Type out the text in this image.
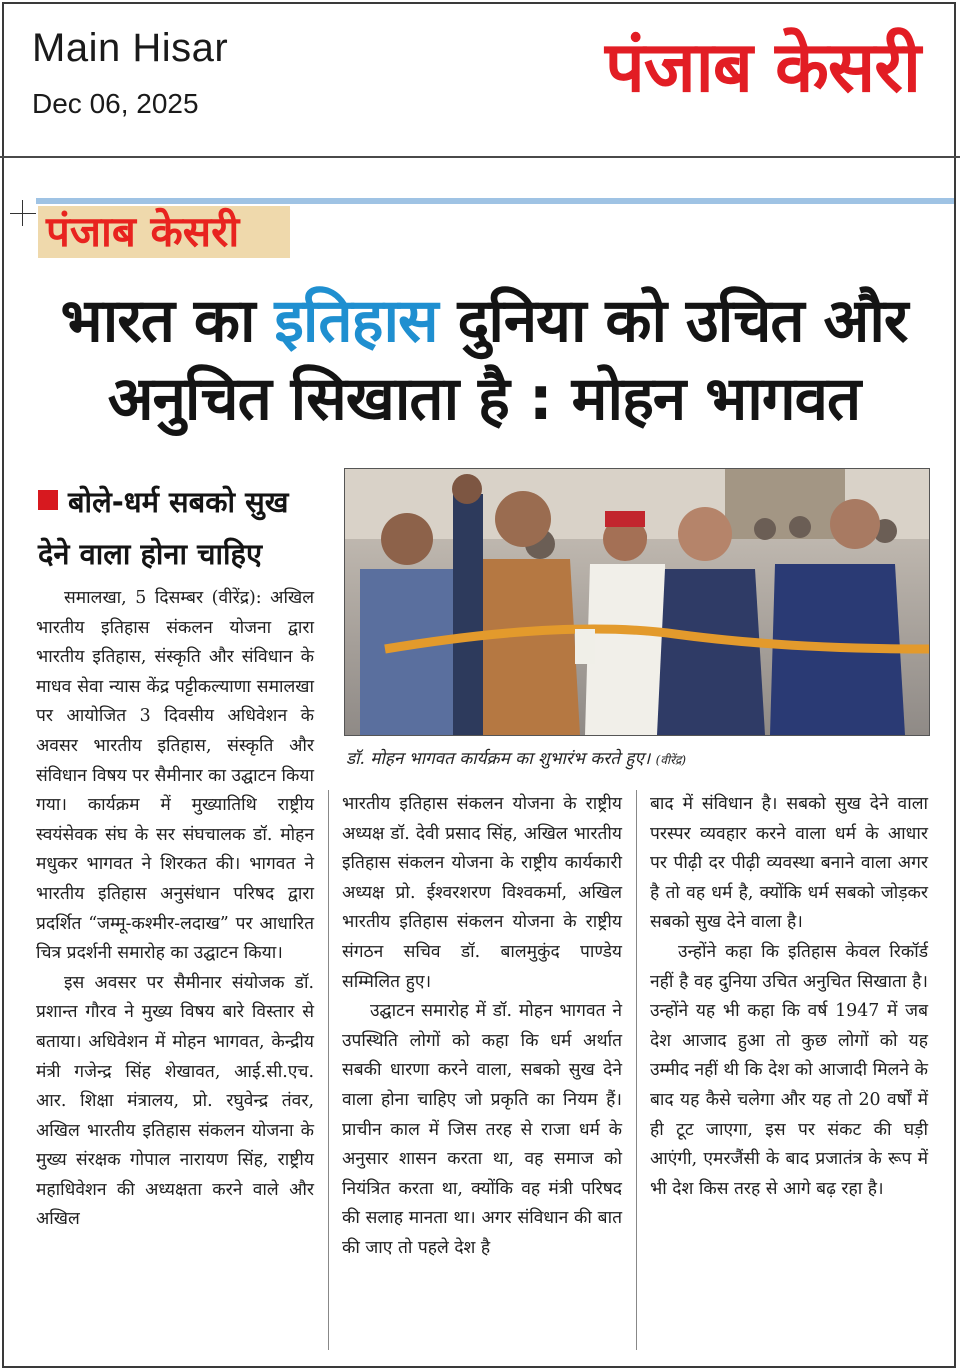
Main Hisar
Dec 06, 2025	पंजाब केसरी
पंजाब केसरी
भारत का इतिहास दुनिया को उचित और अनुचित सिखाता है : मोहन भागवत
बोले-धर्म सबको सुख देने वाला होना चाहिए
डॉ. मोहन भागवत कार्यक्रम का शुभारंभ करते हुए। (वीरेंद्र)

समालखा, 5 दिसम्बर (वीरेंद्र): अखिल भारतीय इतिहास संकलन योजना द्वारा भारतीय इतिहास, संस्कृति और संविधान के माधव सेवा न्यास केंद्र पट्टीकल्याणा समालखा पर आयोजित 3 दिवसीय अधिवेशन के अवसर भारतीय इतिहास, संस्कृति और संविधान विषय पर सैमीनार का उद्घाटन किया गया। कार्यक्रम में मुख्यातिथि राष्ट्रीय स्वयंसेवक संघ के सर संघचालक डॉ. मोहन मधुकर भागवत ने शिरकत की। भागवत ने भारतीय इतिहास अनुसंधान परिषद द्वारा प्रदर्शित “जम्मू-कश्मीर-लदाख” पर आधारित चित्र प्रदर्शनी समारोह का उद्घाटन किया।

इस अवसर पर सैमीनार संयोजक डॉ. प्रशान्त गौरव ने मुख्य विषय बारे विस्तार से बताया। अधिवेशन में मोहन भागवत, केन्द्रीय मंत्री गजेन्द्र सिंह शेखावत, आई.सी.एच. आर. शिक्षा मंत्रालय, प्रो. रघुवेन्द्र तंवर, अखिल भारतीय इतिहास संकलन योजना के मुख्य संरक्षक गोपाल नारायण सिंह, राष्ट्रीय महाधिवेशन की अध्यक्षता करने वाले और अखिल

भारतीय इतिहास संकलन योजना के राष्ट्रीय अध्यक्ष डॉ. देवी प्रसाद सिंह, अखिल भारतीय इतिहास संकलन योजना के राष्ट्रीय कार्यकारी अध्यक्ष प्रो. ईश्वरशरण विश्वकर्मा, अखिल भारतीय इतिहास संकलन योजना के राष्ट्रीय संगठन सचिव डॉ. बालमुकुंद पाण्डेय सम्मिलित हुए।

उद्घाटन समारोह में डॉ. मोहन भागवत ने उपस्थिति लोगों को कहा कि धर्म अर्थात सबकी धारणा करने वाला, सबको सुख देने वाला होना चाहिए जो प्रकृति का नियम हैं। प्राचीन काल में जिस तरह से राजा धर्म के अनुसार शासन करता था, वह समाज को नियंत्रित करता था, क्योंकि वह मंत्री परिषद की सलाह मानता था। अगर संविधान की बात की जाए तो पहले देश है

बाद में संविधान है। सबको सुख देने वाला परस्पर व्यवहार करने वाला धर्म के आधार पर पीढ़ी दर पीढ़ी व्यवस्था बनाने वाला अगर है तो वह धर्म है, क्योंकि धर्म सबको जोड़कर सबको सुख देने वाला है।

उन्होंने कहा कि इतिहास केवल रिकॉर्ड नहीं है वह दुनिया उचित अनुचित सिखाता है। उन्होंने यह भी कहा कि वर्ष 1947 में जब देश आजाद हुआ तो कुछ लोगों को यह उम्मीद नहीं थी कि देश को आजादी मिलने के बाद यह कैसे चलेगा और यह तो 20 वर्षों में ही टूट जाएगा, इस पर संकट की घड़ी आएंगी, एमरजैंसी के बाद प्रजातंत्र के रूप में भी देश किस तरह से आगे बढ़ रहा है।
